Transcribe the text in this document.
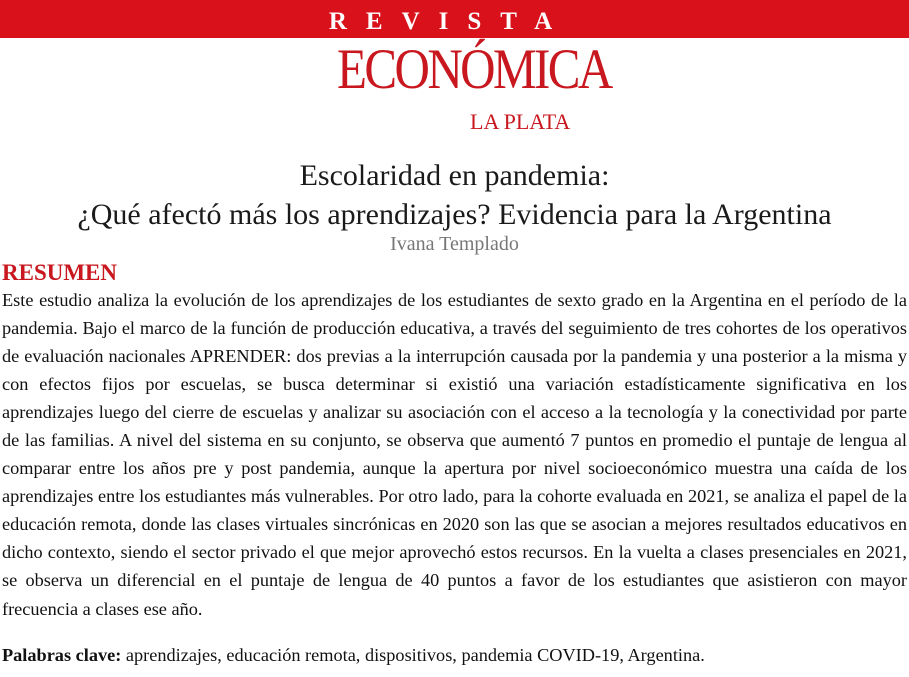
REVISTA
ECONÓMICA
LA PLATA
Escolaridad en pandemia:
¿Qué afectó más los aprendizajes? Evidencia para la Argentina
Ivana Templado
RESUMEN

Este estudio analiza la evolución de los aprendizajes de los estudiantes de sexto grado en la Argentina en el período de la pandemia. Bajo el marco de la función de producción educativa, a través del seguimiento de tres cohortes de los operativos de evaluación nacionales APRENDER: dos previas a la interrupción causada por la pandemia y una posterior a la misma y con efectos fijos por escuelas, se busca determinar si existió una variación estadísticamente significativa en los aprendizajes luego del cierre de escuelas y analizar su asociación con el acceso a la tecnología y la conectividad por parte de las familias. A nivel del sistema en su conjunto, se observa que aumentó 7 puntos en promedio el puntaje de lengua al comparar entre los años pre y post pandemia, aunque la apertura por nivel socioeconómico muestra una caída de los aprendizajes entre los estudiantes más vulnerables. Por otro lado, para la cohorte evaluada en 2021, se analiza el papel de la educación remota, donde las clases virtuales sincrónicas en 2020 son las que se asocian a mejores resultados educativos en dicho contexto, siendo el sector privado el que mejor aprovechó estos recursos. En la vuelta a clases presenciales en 2021, se observa un diferencial en el puntaje de lengua de 40 puntos a favor de los estudiantes que asistieron con mayor frecuencia a clases ese año.

Palabras clave: aprendizajes, educación remota, dispositivos, pandemia COVID-19, Argentina.
